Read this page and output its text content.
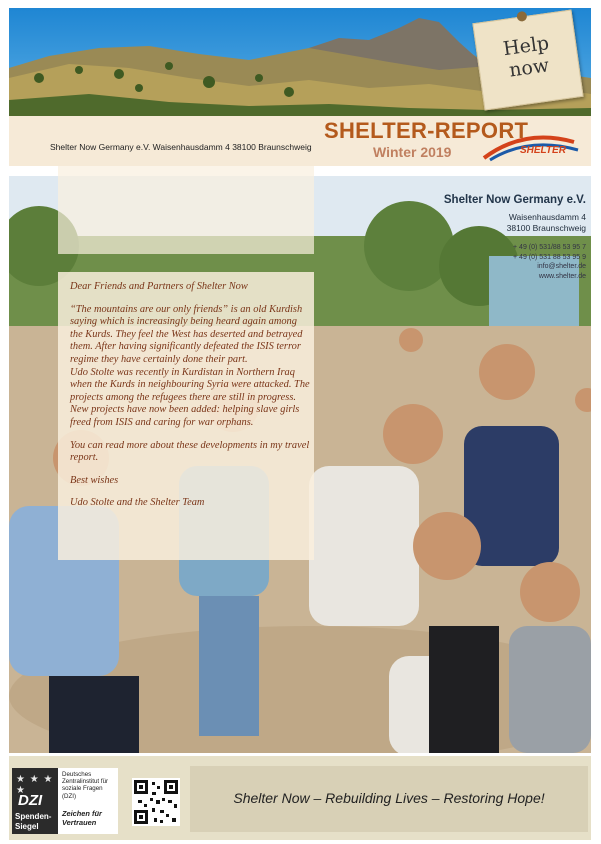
Help
now
Shelter Now Germany e.V. Waisenhausdamm 4 38100 Braunschweig
SHELTER-REPORT
Winter 2019	SHELTER
Shelter Now Germany e.V.
Waisenhausdamm 4
38100 Braunschweig
+ 49 (0) 531/88 53 95 7
+ 49 (0) 531 88 53 95 9
info@shelter.de
www.shelter.de

Dear Friends and Partners of Shelter Now

“The mountains are our only friends” is an old Kurdish saying which is increasingly being heard again among the Kurds. They feel the West has deserted and betrayed them. After having significantly defeated the ISIS terror regime they have certainly done their part.

Udo Stolte was recently in Kurdistan in Northern Iraq when the Kurds in neighbouring Syria were attacked. The projects among the refugees there are still in progress. New projects have now been added: helping slave girls freed from ISIS and caring for war orphans.

You can read more about these developments in my travel report.

Best wishes

Udo Stolte and the Shelter Team

★ ★ ★ ★
DZI
Spenden-
Siegel
Deutsches Zentralinstitut für soziale Fragen (DZI)
Zeichen für Vertrauen
Shelter Now – Rebuilding Lives – Restoring Hope!
